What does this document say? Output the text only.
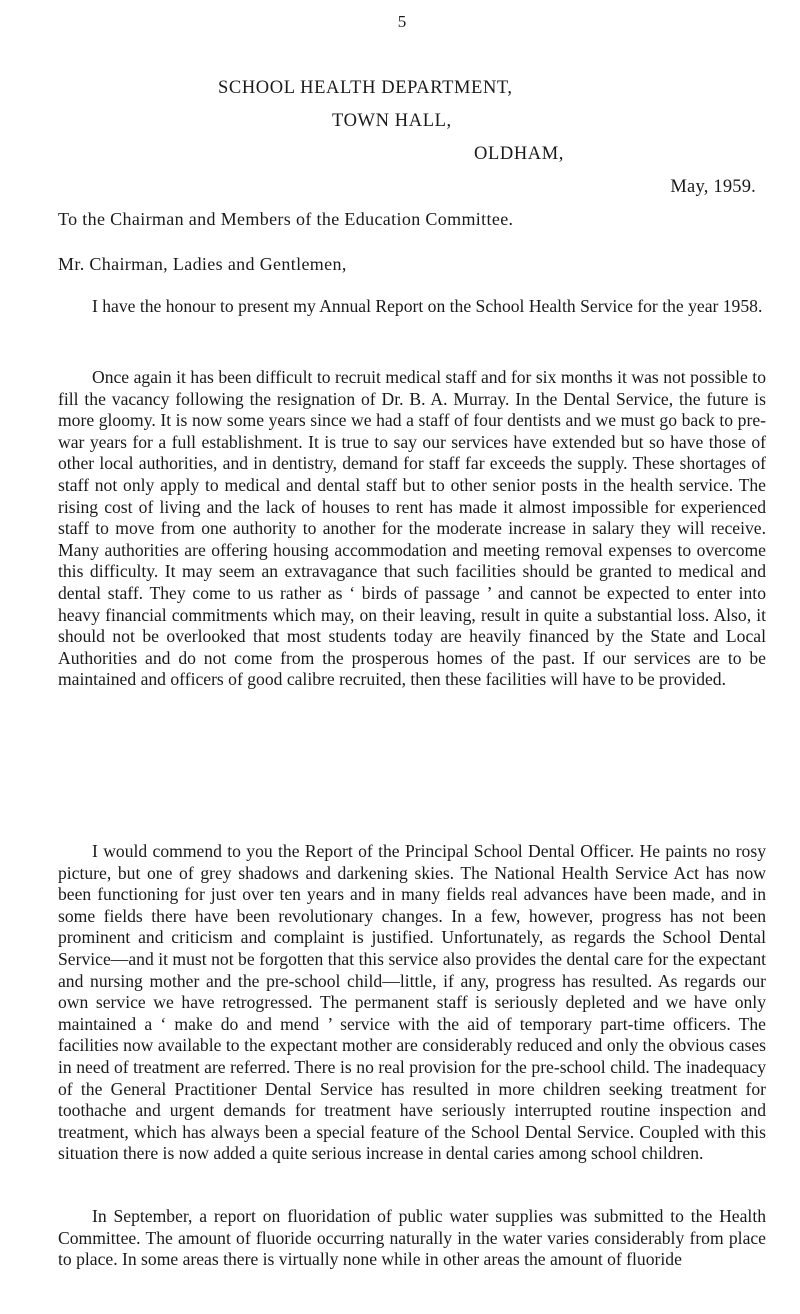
5
SCHOOL HEALTH DEPARTMENT,
TOWN HALL,
OLDHAM,
May, 1959.
To the Chairman and Members of the Education Committee.
Mr. Chairman, Ladies and Gentlemen,

I have the honour to present my Annual Report on the School Health Service for the year 1958.

Once again it has been difficult to recruit medical staff and for six months it was not possible to fill the vacancy following the resignation of Dr. B. A. Murray. In the Dental Service, the future is more gloomy. It is now some years since we had a staff of four dentists and we must go back to pre-war years for a full establishment. It is true to say our services have extended but so have those of other local authorities, and in dentistry, demand for staff far exceeds the supply. These shortages of staff not only apply to medical and dental staff but to other senior posts in the health service. The rising cost of living and the lack of houses to rent has made it almost impossible for experienced staff to move from one authority to another for the moderate increase in salary they will receive. Many authorities are offering housing accommodation and meeting removal expenses to overcome this difficulty. It may seem an extravagance that such facilities should be granted to medical and dental staff. They come to us rather as ‘ birds of passage ’ and cannot be expected to enter into heavy financial commitments which may, on their leaving, result in quite a substantial loss. Also, it should not be overlooked that most students today are heavily financed by the State and Local Authorities and do not come from the prosperous homes of the past. If our services are to be maintained and officers of good calibre recruited, then these facilities will have to be provided.

I would commend to you the Report of the Principal School Dental Officer. He paints no rosy picture, but one of grey shadows and darkening skies. The National Health Service Act has now been functioning for just over ten years and in many fields real advances have been made, and in some fields there have been revolutionary changes. In a few, however, progress has not been prominent and criticism and complaint is justified. Unfortunately, as regards the School Dental Service—and it must not be forgotten that this service also provides the dental care for the expectant and nursing mother and the pre-school child—little, if any, progress has resulted. As regards our own service we have retrogressed. The permanent staff is seriously depleted and we have only maintained a ‘ make do and mend ’ service with the aid of temporary part-time officers. The facilities now available to the expectant mother are considerably reduced and only the obvious cases in need of treatment are referred. There is no real provision for the pre-school child. The inadequacy of the General Practitioner Dental Service has resulted in more children seeking treatment for toothache and urgent demands for treatment have seriously interrupted routine inspection and treatment, which has always been a special feature of the School Dental Service. Coupled with this situation there is now added a quite serious increase in dental caries among school children.

In September, a report on fluoridation of public water supplies was submitted to the Health Committee. The amount of fluoride occurring naturally in the water varies considerably from place to place. In some areas there is virtually none while in other areas the amount of fluoride
